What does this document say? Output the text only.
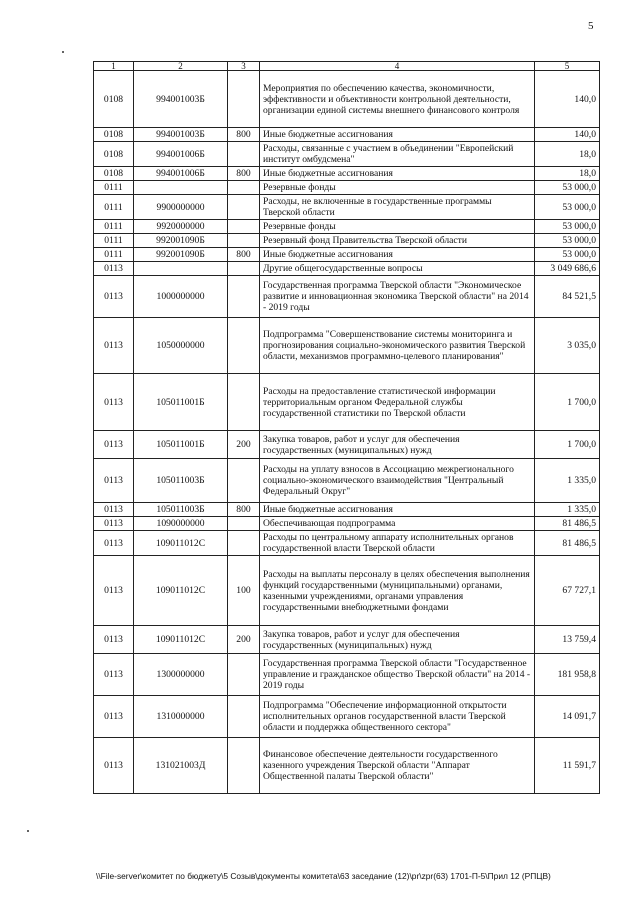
5
1	2	3	4	5
0108	994001003Б		Мероприятия по обеспечению качества, экономичности, эффективности и объективности контрольной деятельности, организации единой системы внешнего финансового контроля	140,0
0108	994001003Б	800	Иные бюджетные ассигнования	140,0
0108	994001006Б		Расходы, связанные с участием в объединении "Европейский институт омбудсмена"	18,0
0108	994001006Б	800	Иные бюджетные ассигнования	18,0
0111			Резервные фонды	53 000,0
0111	9900000000		Расходы, не включенные в государственные программы Тверской области	53 000,0
0111	9920000000		Резервные фонды	53 000,0
0111	992001090Б		Резервный фонд Правительства Тверской области	53 000,0
0111	992001090Б	800	Иные бюджетные ассигнования	53 000,0
0113			Другие общегосударственные вопросы	3 049 686,6
0113	1000000000		Государственная программа Тверской области "Экономическое развитие и инновационная экономика Тверской области" на 2014 - 2019 годы	84 521,5
0113	1050000000		Подпрограмма "Совершенствование системы мониторинга и прогнозирования социально-экономического развития Тверской области, механизмов программно-целевого планирования"	3 035,0
0113	105011001Б		Расходы на предоставление статистической информации территориальным органом Федеральной службы государственной статистики по Тверской области	1 700,0
0113	105011001Б	200	Закупка товаров, работ и услуг для обеспечения государственных (муниципальных) нужд	1 700,0
0113	105011003Б		Расходы на уплату взносов в Ассоциацию межрегионального социально-экономического взаимодействия "Центральный Федеральный Округ"	1 335,0
0113	105011003Б	800	Иные бюджетные ассигнования	1 335,0
0113	1090000000		Обеспечивающая подпрограмма	81 486,5
0113	109011012С		Расходы по центральному аппарату исполнительных органов государственной власти Тверской области	81 486,5
0113	109011012С	100	Расходы на выплаты персоналу в целях обеспечения выполнения функций государственными (муниципальными) органами, казенными учреждениями, органами управления государственными внебюджетными фондами	67 727,1
0113	109011012С	200	Закупка товаров, работ и услуг для обеспечения государственных (муниципальных) нужд	13 759,4
0113	1300000000		Государственная программа Тверской области "Государственное управление и гражданское общество Тверской области" на 2014 - 2019 годы	181 958,8
0113	1310000000		Подпрограмма "Обеспечение информационной открытости исполнительных органов государственной власти Тверской области и поддержка общественного сектора"	14 091,7
0113	131021003Д		Финансовое обеспечение деятельности государственного казенного учреждения Тверской области "Аппарат Общественной палаты Тверской области"	11 591,7
\\File-server\комитет по бюджету\5 Созыв\документы комитета\63 заседание (12)\pr\zpr(63) 1701-П-5\Прил 12 (РПЦВ)
